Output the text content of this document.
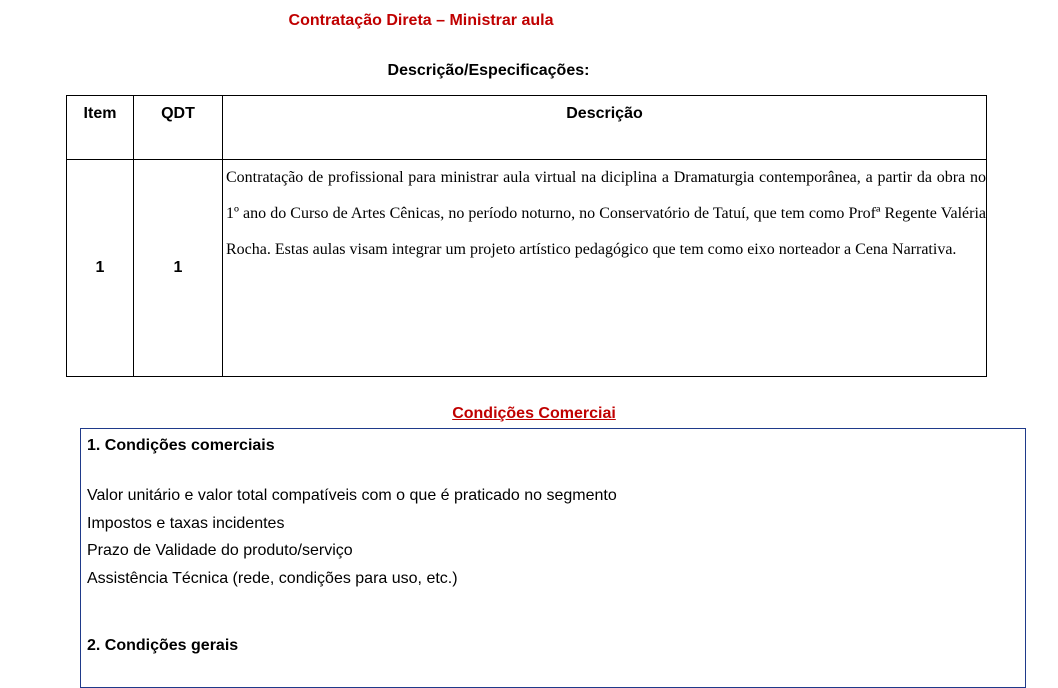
Contratação Direta – Ministrar aula
Descrição/Especificações:
Item	QDT	Descrição
1	1	Contratação de profissional para ministrar aula virtual na diciplina a Dramaturgia contemporânea, a partir da obra no 1º ano do Curso de Artes Cênicas, no período noturno, no Conservatório de Tatuí, que tem como Profª Regente Valéria Rocha. Estas aulas visam integrar um projeto artístico pedagógico que tem como eixo norteador a Cena Narrativa.
Condições Comerciai

1. Condições comerciais

Valor unitário e valor total compatíveis com o que é praticado no segmento
Impostos e taxas incidentes
Prazo de Validade do produto/serviço
Assistência Técnica (rede, condições para uso, etc.)

2. Condições gerais
